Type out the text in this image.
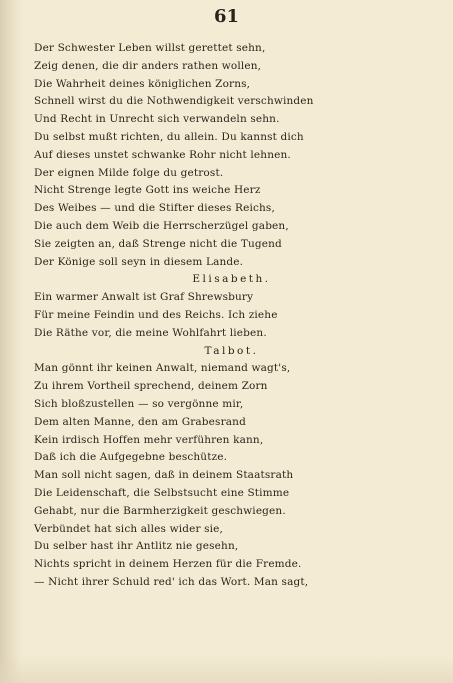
61
Der Schwester Leben willst gerettet sehn,
Zeig denen, die dir anders rathen wollen,
Die Wahrheit deines königlichen Zorns,
Schnell wirst du die Nothwendigkeit verschwinden
Und Recht in Unrecht sich verwandeln sehn.
Du selbst mußt richten, du allein. Du kannst dich
Auf dieses unstet schwanke Rohr nicht lehnen.
Der eignen Milde folge du getrost.
Nicht Strenge legte Gott ins weiche Herz
Des Weibes — und die Stifter dieses Reichs,
Die auch dem Weib die Herrscherzügel gaben,
Sie zeigten an, daß Strenge nicht die Tugend
Der Könige soll seyn in diesem Lande.
Elisabeth.
Ein warmer Anwalt ist Graf Shrewsbury
Für meine Feindin und des Reichs. Ich ziehe
Die Räthe vor, die meine Wohlfahrt lieben.
Talbot.
Man gönnt ihr keinen Anwalt, niemand wagt's,
Zu ihrem Vortheil sprechend, deinem Zorn
Sich bloßzustellen — so vergönne mir,
Dem alten Manne, den am Grabesrand
Kein irdisch Hoffen mehr verführen kann,
Daß ich die Aufgegebne beschütze.
Man soll nicht sagen, daß in deinem Staatsrath
Die Leidenschaft, die Selbstsucht eine Stimme
Gehabt, nur die Barmherzigkeit geschwiegen.
Verbündet hat sich alles wider sie,
Du selber hast ihr Antlitz nie gesehn,
Nichts spricht in deinem Herzen für die Fremde.
— Nicht ihrer Schuld red' ich das Wort. Man sagt,
